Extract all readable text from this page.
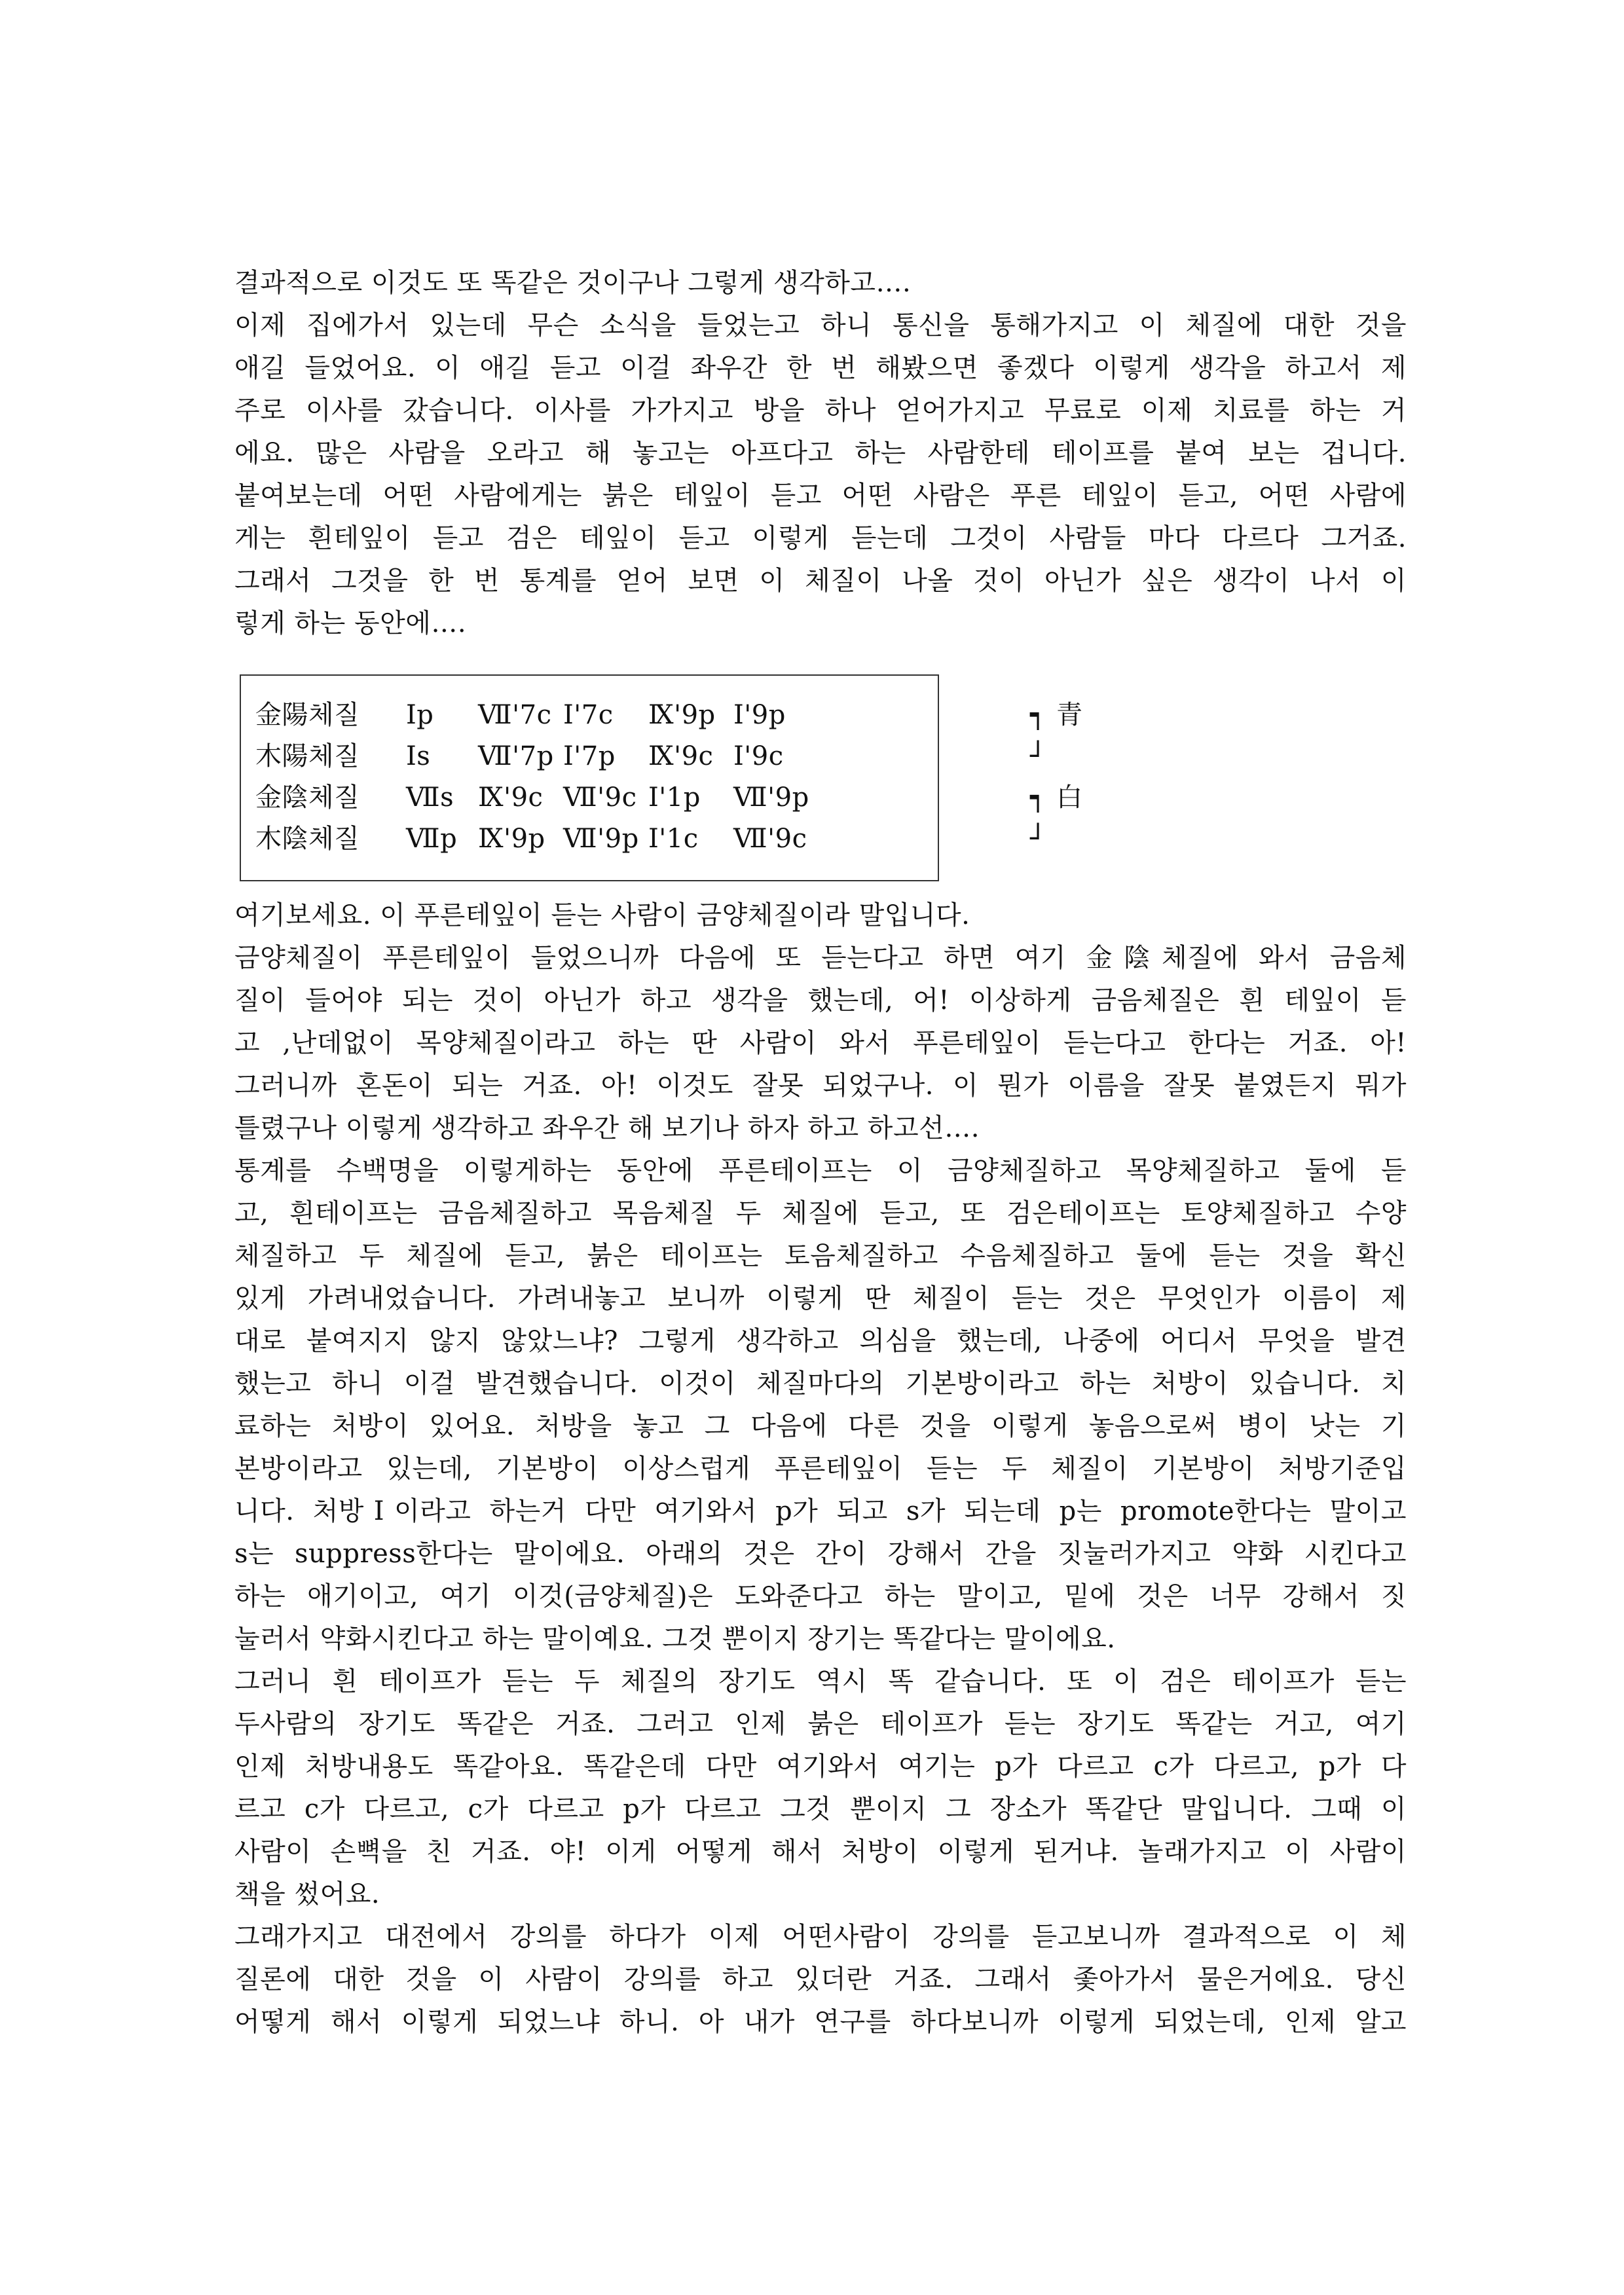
결과적으로 이것도 또 똑같은 것이구나 그렇게 생각하고….
이제 집에가서 있는데 무슨 소식을 들었는고 하니 통신을 통해가지고 이 체질에 대한 것을
애길 들었어요. 이 애길 듣고 이걸 좌우간 한 번 해봤으면 좋겠다 이렇게 생각을 하고서 제
주로 이사를 갔습니다. 이사를 가가지고 방을 하나 얻어가지고 무료로 이제 치료를 하는 거
에요. 많은 사람을 오라고 해 놓고는 아프다고 하는 사람한테 테이프를 붙여 보는 겁니다.
붙여보는데 어떤 사람에게는 붉은 테잎이 듣고 어떤 사람은 푸른 테잎이 듣고, 어떤 사람에
게는 흰테잎이 듣고 검은 테잎이 듣고 이렇게 듣는데 그것이 사람들 마다 다르다 그거죠.
그래서 그것을 한 번 통계를 얻어 보면 이 체질이 나올 것이 아닌가 싶은 생각이 나서 이
렇게 하는 동안에….
金陽체질 Ⅰp Ⅶ'7c Ⅰ'7c Ⅸ'9p Ⅰ'9p
木陽체질 Ⅰs Ⅶ'7p Ⅰ'7p Ⅸ'9c Ⅰ'9c
金陰체질 Ⅶs Ⅸ'9c Ⅶ'9c Ⅰ'1p Ⅶ'9p
木陰체질 Ⅶp Ⅸ'9p Ⅶ'9p Ⅰ'1c Ⅶ'9c
┑
┘
青
┑
┘
白
여기보세요. 이 푸른테잎이 듣는 사람이 금양체질이라 말입니다.
금양체질이 푸른테잎이 들었으니까 다음에 또 듣는다고 하면 여기 金陰체질에 와서 금음체
질이 들어야 되는 것이 아닌가 하고 생각을 했는데, 어! 이상하게 금음체질은 흰 테잎이 듣
고 ,난데없이 목양체질이라고 하는 딴 사람이 와서 푸른테잎이 듣는다고 한다는 거죠. 아!
그러니까 혼돈이 되는 거죠. 아! 이것도 잘못 되었구나. 이 뭔가 이름을 잘못 붙였든지 뭐가
틀렸구나 이렇게 생각하고 좌우간 해 보기나 하자 하고 하고선….
통계를 수백명을 이렇게하는 동안에 푸른테이프는 이 금양체질하고 목양체질하고 둘에 듣
고, 흰테이프는 금음체질하고 목음체질 두 체질에 듣고, 또 검은테이프는 토양체질하고 수양
체질하고 두 체질에 듣고, 붉은 테이프는 토음체질하고 수음체질하고 둘에 듣는 것을 확신
있게 가려내었습니다. 가려내놓고 보니까 이렇게 딴 체질이 듣는 것은 무엇인가 이름이 제
대로 붙여지지 않지 않았느냐? 그렇게 생각하고 의심을 했는데, 나중에 어디서 무엇을 발견
했는고 하니 이걸 발견했습니다. 이것이 체질마다의 기본방이라고 하는 처방이 있습니다. 치
료하는 처방이 있어요. 처방을 놓고 그 다음에 다른 것을 이렇게 놓음으로써 병이 낫는 기
본방이라고 있는데, 기본방이 이상스럽게 푸른테잎이 듣는 두 체질이 기본방이 처방기준입
니다. 처방Ⅰ이라고 하는거 다만 여기와서 p가 되고 s가 되는데 p는 promote한다는 말이고
s는 suppress한다는 말이에요. 아래의 것은 간이 강해서 간을 짓눌러가지고 약화 시킨다고
하는 애기이고, 여기 이것(금양체질)은 도와준다고 하는 말이고, 밑에 것은 너무 강해서 짓
눌러서 약화시킨다고 하는 말이예요. 그것 뿐이지 장기는 똑같다는 말이에요.
그러니 흰 테이프가 듣는 두 체질의 장기도 역시 똑 같습니다. 또 이 검은 테이프가 듣는
두사람의 장기도 똑같은 거죠. 그러고 인제 붉은 테이프가 듣는 장기도 똑같는 거고, 여기
인제 처방내용도 똑같아요. 똑같은데 다만 여기와서 여기는 p가 다르고 c가 다르고, p가 다
르고 c가 다르고, c가 다르고 p가 다르고 그것 뿐이지 그 장소가 똑같단 말입니다. 그때 이
사람이 손뼉을 친 거죠. 야! 이게 어떻게 해서 처방이 이렇게 된거냐. 놀래가지고 이 사람이
책을 썼어요.
그래가지고 대전에서 강의를 하다가 이제 어떤사람이 강의를 듣고보니까 결과적으로 이 체
질론에 대한 것을 이 사람이 강의를 하고 있더란 거죠. 그래서 좇아가서 물은거에요. 당신
어떻게 해서 이렇게 되었느냐 하니. 아 내가 연구를 하다보니까 이렇게 되었는데, 인제 알고
